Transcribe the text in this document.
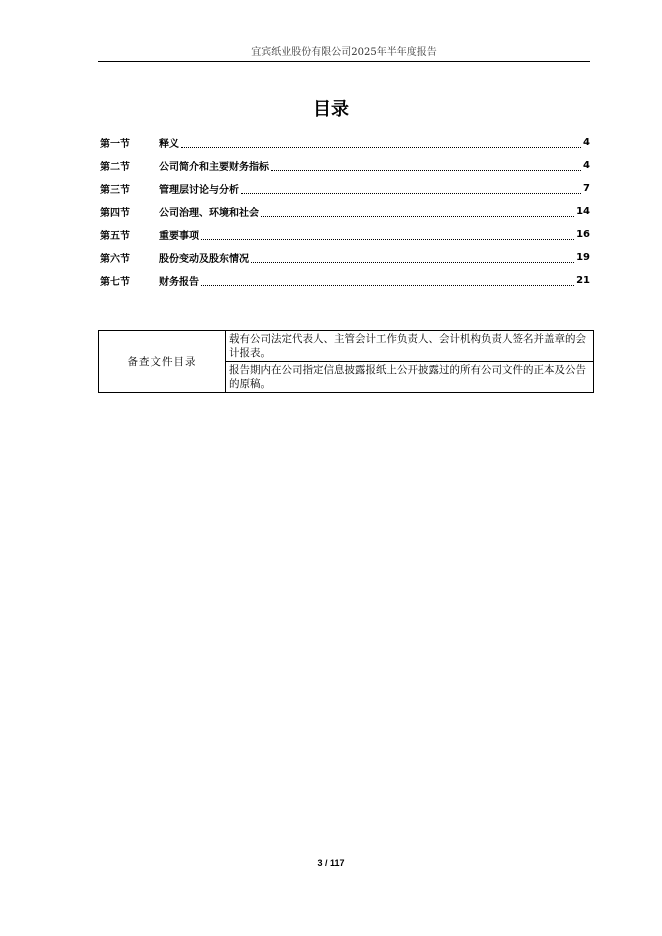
宜宾纸业股份有限公司2025年半年度报告
目录
第一节	释义	4
第二节	公司简介和主要财务指标	4
第三节	管理层讨论与分析	7
第四节	公司治理、环境和社会	14
第五节	重要事项	16
第六节	股份变动及股东情况	19
第七节	财务报告	21
备查文件目录	载有公司法定代表人、主管会计工作负责人、会计机构负责人签名并盖章的会计报表。
报告期内在公司指定信息披露报纸上公开披露过的所有公司文件的正本及公告的原稿。
3 / 117
